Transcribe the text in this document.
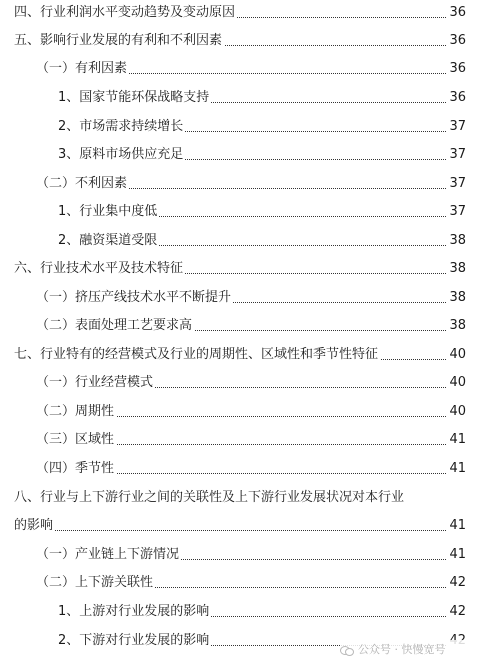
四、行业利润水平变动趋势及变动原因	36
五、影响行业发展的有利和不利因素	36
（一）有利因素	36
1、国家节能环保战略支持	36
2、市场需求持续增长	37
3、原料市场供应充足	37
（二）不利因素	37
1、行业集中度低	37
2、融资渠道受限	38
六、行业技术水平及技术特征	38
（一）挤压产线技术水平不断提升	38
（二）表面处理工艺要求高	38
七、行业特有的经营模式及行业的周期性、区域性和季节性特征	40
（一）行业经营模式	40
（二）周期性	40
（三）区域性	41
（四）季节性	41
八、行业与上下游行业之间的关联性及上下游行业发展状况对本行业
的影响	41
（一）产业链上下游情况	41
（二）上下游关联性	42
1、上游对行业发展的影响	42
2、下游对行业发展的影响
公众号 · 快慢宽号
